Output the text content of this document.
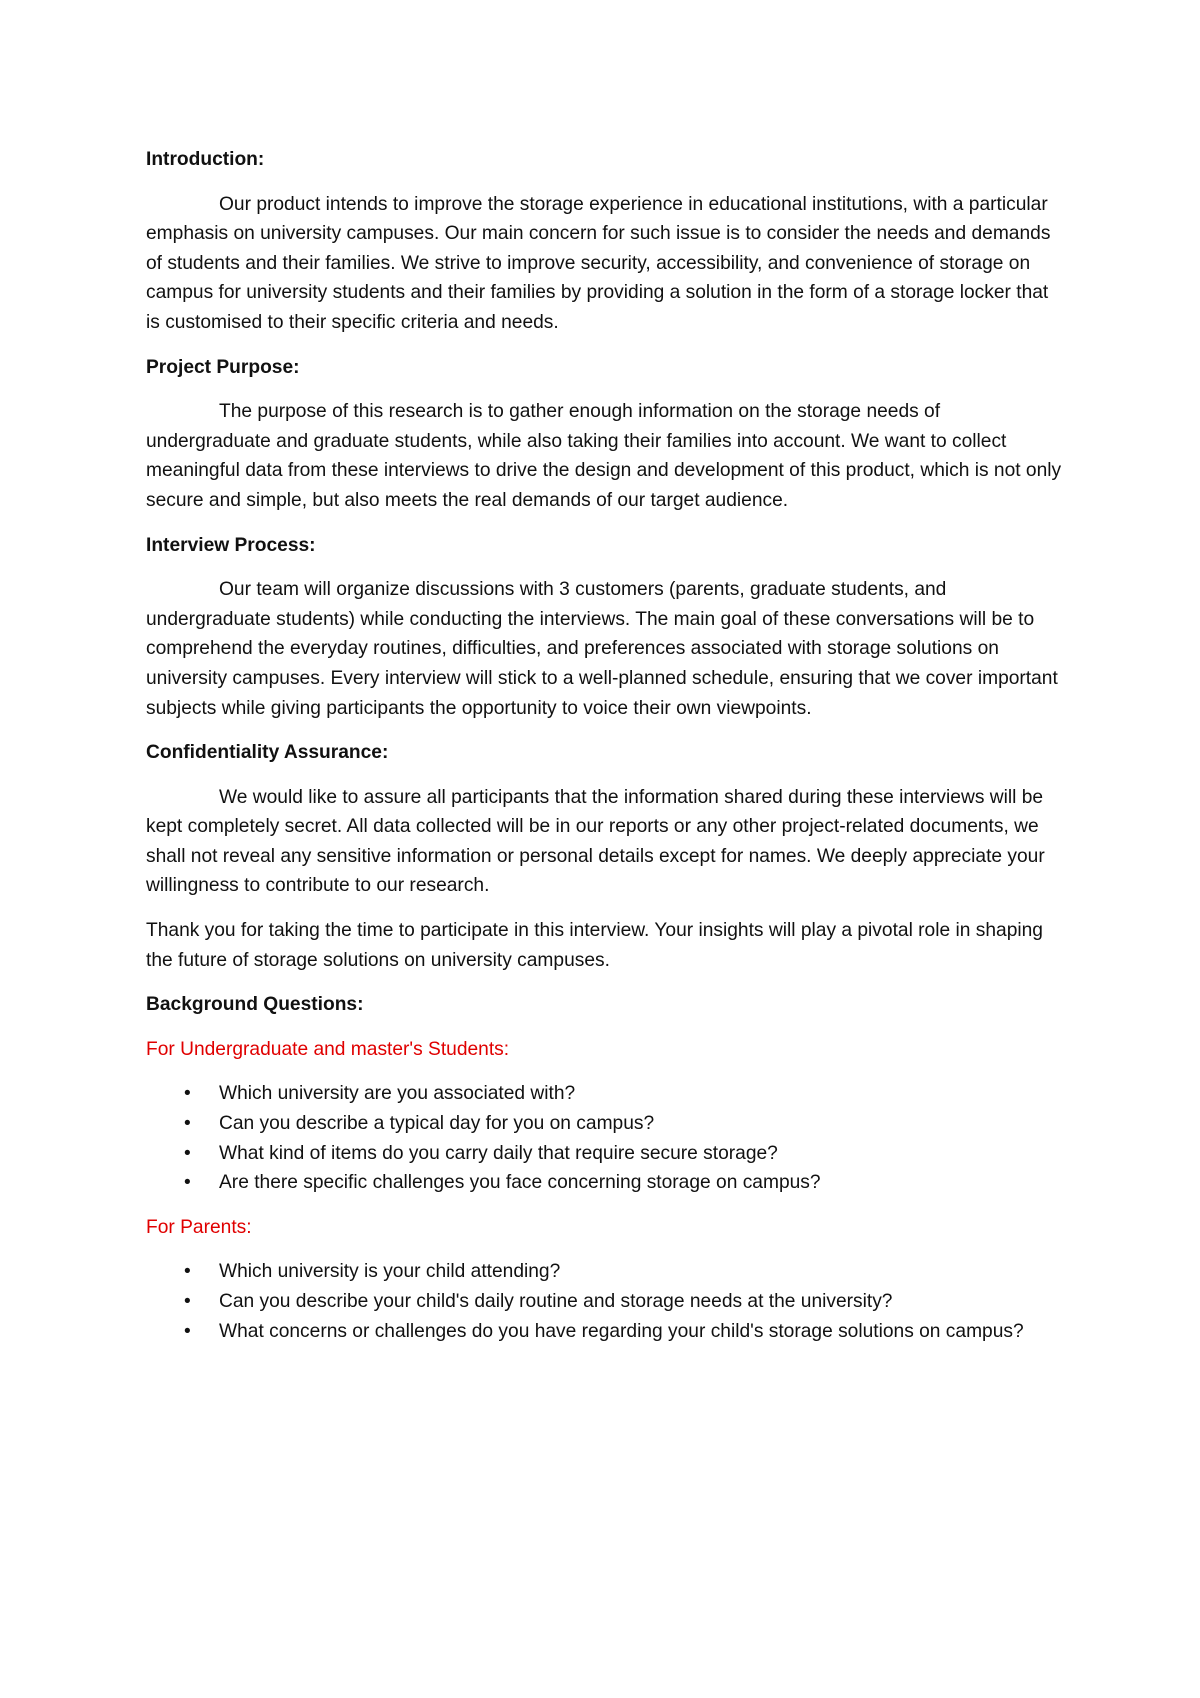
Introduction:

Our product intends to improve the storage experience in educational institutions, with a particular emphasis on university campuses. Our main concern for such issue is to consider the needs and demands of students and their families. We strive to improve security, accessibility, and convenience of storage on campus for university students and their families by providing a solution in the form of a storage locker that is customised to their specific criteria and needs.

Project Purpose:

The purpose of this research is to gather enough information on the storage needs of undergraduate and graduate students, while also taking their families into account. We want to collect meaningful data from these interviews to drive the design and development of this product, which is not only secure and simple, but also meets the real demands of our target audience.

Interview Process:

Our team will organize discussions with 3 customers (parents, graduate students, and undergraduate students) while conducting the interviews. The main goal of these conversations will be to comprehend the everyday routines, difficulties, and preferences associated with storage solutions on university campuses. Every interview will stick to a well-planned schedule, ensuring that we cover important subjects while giving participants the opportunity to voice their own viewpoints.

Confidentiality Assurance:

We would like to assure all participants that the information shared during these interviews will be kept completely secret. All data collected will be in our reports or any other project-related documents, we shall not reveal any sensitive information or personal details except for names. We deeply appreciate your willingness to contribute to our research.

Thank you for taking the time to participate in this interview. Your insights will play a pivotal role in shaping the future of storage solutions on university campuses.

Background Questions:
For Undergraduate and master's Students:
• Which university are you associated with?
• Can you describe a typical day for you on campus?
• What kind of items do you carry daily that require secure storage?
• Are there specific challenges you face concerning storage on campus?
For Parents:
• Which university is your child attending?
• Can you describe your child's daily routine and storage needs at the university?
• What concerns or challenges do you have regarding your child's storage solutions on campus?
